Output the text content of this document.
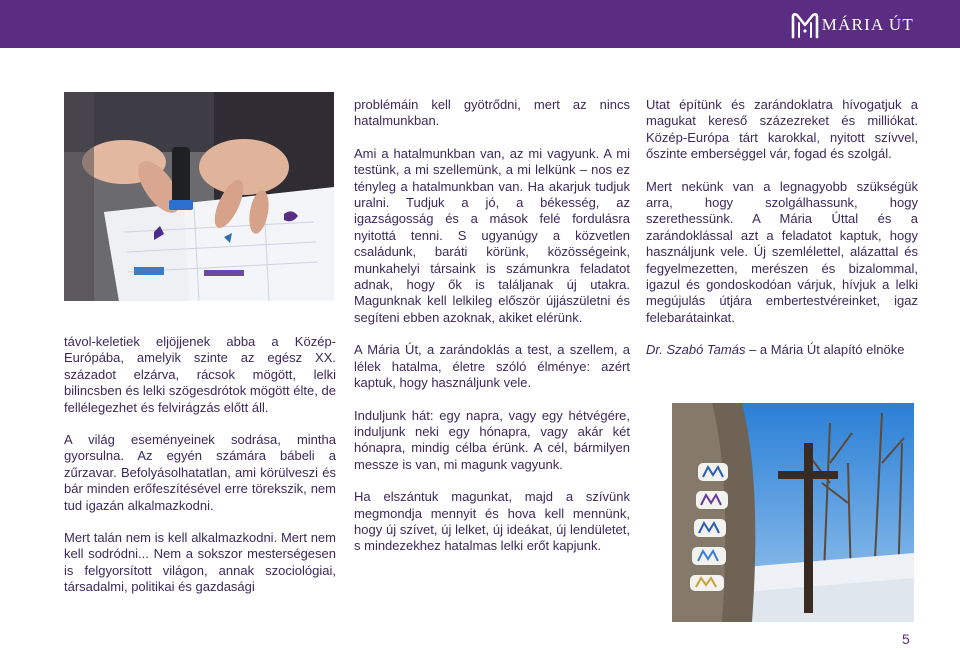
MÁRIA ÚT

távol-keletiek eljöjjenek abba a Közép-Európába, amelyik szinte az egész XX. századot elzárva, rácsok mögött, lelki bilincsben és lelki szögesdrótok mögött élte, de fellélegezhet és felvirágzás előtt áll.

A világ eseményeinek sodrása, mintha gyorsulna. Az egyén számára bábeli a zűrzavar. Befolyásolhatatlan, ami körülveszi és bár minden erőfeszítésével erre törekszik, nem tud igazán alkalmazkodni.

Mert talán nem is kell alkalmazkodni. Mert nem kell sodródni... Nem a sokszor mesterségesen is felgyorsított világon, annak szociológiai, társadalmi, politikai és gazdasági

problémáin kell gyötrődni, mert az nincs hatalmunkban.

Ami a hatalmunkban van, az mi vagyunk. A mi testünk, a mi szellemünk, a mi lelkünk – nos ez tényleg a hatalmunkban van. Ha akarjuk tudjuk uralni. Tudjuk a jó, a békesség, az igazságosság és a mások felé fordulásra nyitottá tenni. S ugyanúgy a közvetlen családunk, baráti körünk, közösségeink, munkahelyi társaink is számunkra feladatot adnak, hogy ők is találjanak új utakra. Magunknak kell lelkileg először újjászületni és segíteni ebben azoknak, akiket elérünk.

A Mária Út, a zarándoklás a test, a szellem, a lélek hatalma, életre szóló élménye: azért kaptuk, hogy használjunk vele.

Induljunk hát: egy napra, vagy egy hétvégére, induljunk neki egy hónapra, vagy akár két hónapra, mindig célba érünk. A cél, bármilyen messze is van, mi magunk vagyunk.

Ha elszántuk magunkat, majd a szívünk megmondja mennyit és hova kell mennünk, hogy új szívet, új lelket, új ideákat, új lendületet, s mindezekhez hatalmas lelki erőt kapjunk.

Utat építünk és zarándoklatra hívogatjuk a magukat kereső százezreket és milliókat. Közép-Európa tárt karokkal, nyitott szívvel, őszinte emberséggel vár, fogad és szolgál.

Mert nekünk van a legnagyobb szükségük arra, hogy szolgálhassunk, hogy szerethessünk. A Mária Úttal és a zarándoklással azt a feladatot kaptuk, hogy használjunk vele. Új szemlélettel, alázattal és fegyelmezetten, merészen és bizalommal, igazul és gondoskodóan várjuk, hívjuk a lelki megújulás útjára embertestvéreinket, igaz felebarátainkat.

Dr. Szabó Tamás – a Mária Út alapító elnöke

5
